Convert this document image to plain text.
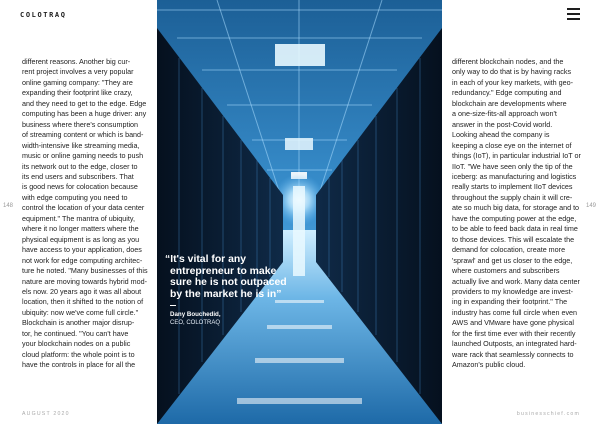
COLOTRAQ

different reasons. Another big cur-

rent project involves a very popular

online gaming company: "They are

expanding their footprint like crazy,

and they need to get to the edge. Edge

computing has been a huge driver: any

business where there's consumption

of streaming content or which is band-

width-intensive like streaming media,

music or online gaming needs to push

its network out to the edge, closer to

its end users and subscribers. That

is good news for colocation because

with edge computing you need to

control the location of your data center

equipment." The mantra of ubiquity,

where it no longer matters where the

physical equipment is as long as you

have access to your application, does

not work for edge computing architec-

ture he noted. "Many businesses of this

nature are moving towards hybrid mod-

els now. 20 years ago it was all about

location, then it shifted to the notion of

ubiquity: now we've come full circle."

Blockchain is another major disrup-

tor, he continued. "You can't have

your blockchain nodes on a public

cloud platform: the whole point is to

have the controls in place for all the

different blockchain nodes, and the

only way to do that is by having racks

in each of your key markets, with geo-

redundancy." Edge computing and

blockchain are developments where

a one-size-fits-all approach won't

answer in the post-Covid world.

Looking ahead the company is

keeping a close eye on the internet of

things (IoT), in particular industrial IoT or

IIoT. "We have seen only the tip of the

iceberg: as manufacturing and logistics

really starts to implement IIoT devices

throughout the supply chain it will cre-

ate so much big data, for storage and to

have the computing power at the edge,

to be able to feed back data in real time

to those devices. This will escalate the

demand for colocation, create more

'sprawl' and get us closer to the edge,

where customers and subscribers

actually live and work. Many data center

providers to my knowledge are invest-

ing in expanding their footprint." The

industry has come full circle when even

AWS and VMware have gone physical

for the first time ever with their recently

launched Outposts, an integrated hard-

ware rack that seamlessly connects to

Amazon's public cloud.

148	149
AUGUST 2020	businesschief.com
“It's vital for any
entrepreneur to make
sure he is not outpaced
by the market he is in”
Dany Bouchedid,
CEO, COLOTRAQ
